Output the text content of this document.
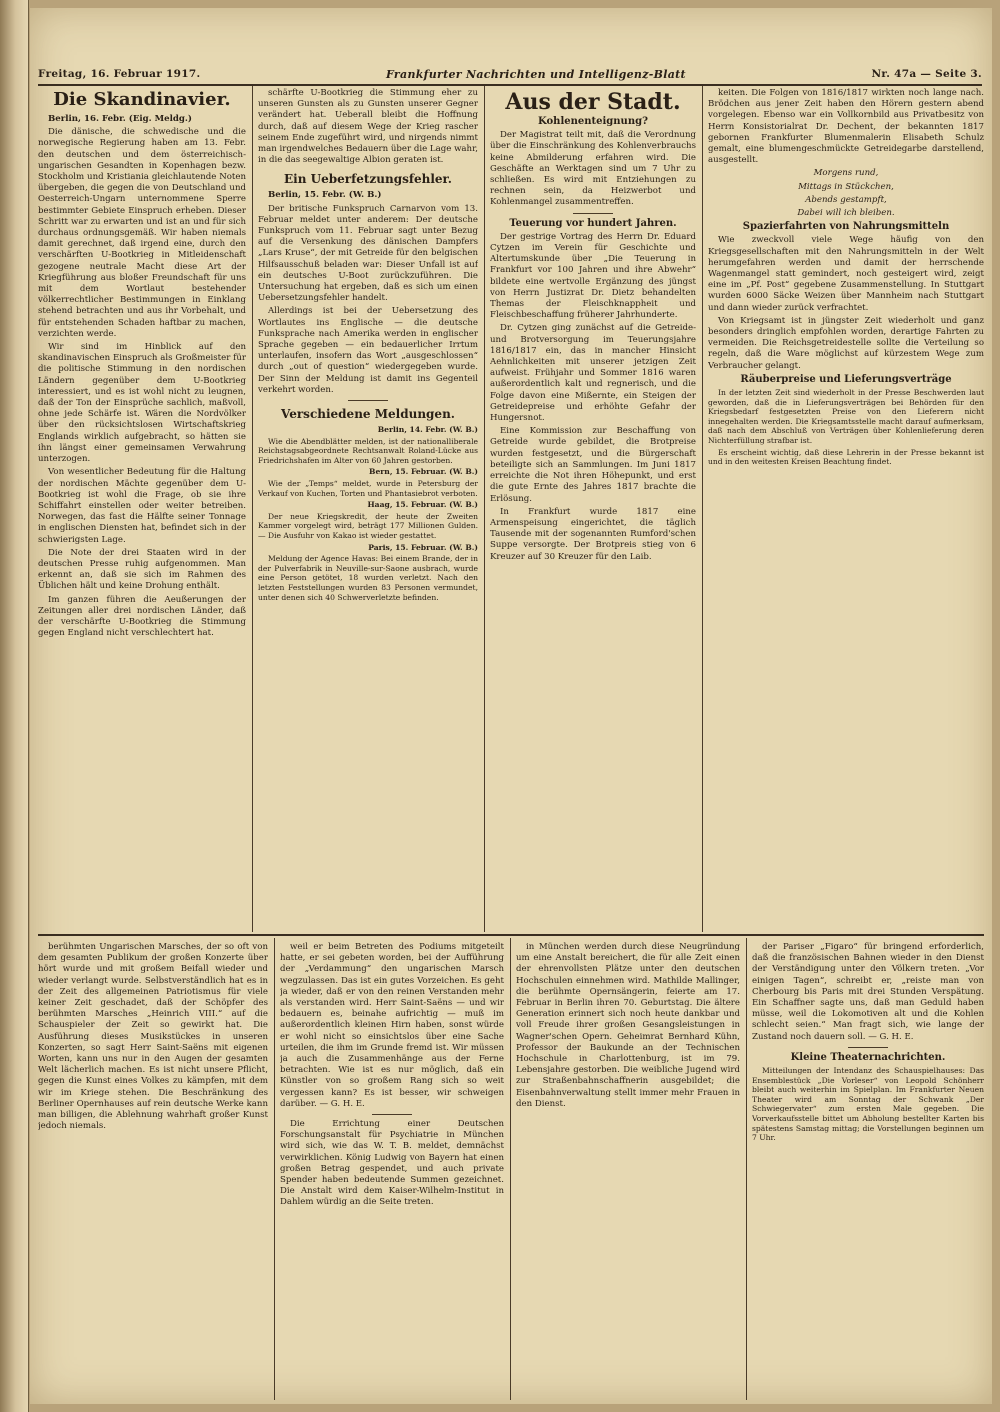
Freitag, 16. Februar 1917.	Frankfurter Nachrichten und Intelligenz-Blatt	Nr. 47a — Seite 3.
Die Skandinavier.

Berlin, 16. Febr. (Eig. Meldg.)

Die dänische, die schwedische und die norwegische Regierung haben am 13. Febr. den deutschen und dem österreichisch-ungarischen Gesandten in Kopenhagen bezw. Stockholm und Kristiania gleichlautende Noten übergeben, die gegen die von Deutschland und Oesterreich-Ungarn unternommene Sperre bestimmter Gebiete Einspruch erheben. Dieser Schritt war zu erwarten und ist an und für sich durchaus ordnungsgemäß. Wir haben niemals damit gerechnet, daß irgend eine, durch den verschärften U-Bootkrieg in Mitleidenschaft gezogene neutrale Macht diese Art der Kriegführung aus bloßer Freundschaft für uns mit dem Wortlaut bestehender völkerrechtlicher Bestimmungen in Einklang stehend betrachten und aus ihr Vorbehalt, und für entstehenden Schaden haftbar zu machen, verzichten werde.

Wir sind im Hinblick auf den skandinavischen Einspruch als Großmeister für die politische Stimmung in den nordischen Ländern gegenüber dem U-Bootkrieg interessiert, und es ist wohl nicht zu leugnen, daß der Ton der Einsprüche sachlich, maßvoll, ohne jede Schärfe ist. Wären die Nordvölker über den rücksichtslosen Wirtschaftskrieg Englands wirklich aufgebracht, so hätten sie ihn längst einer gemeinsamen Verwahrung unterzogen.

Von wesentlicher Bedeutung für die Haltung der nordischen Mächte gegenüber dem U-Bootkrieg ist wohl die Frage, ob sie ihre Schiffahrt einstellen oder weiter betreiben. Norwegen, das fast die Hälfte seiner Tonnage in englischen Diensten hat, befindet sich in der schwierigsten Lage.

Die Note der drei Staaten wird in der deutschen Presse ruhig aufgenommen. Man erkennt an, daß sie sich im Rahmen des Üblichen hält und keine Drohung enthält.

Im ganzen führen die Aeußerungen der Zeitungen aller drei nordischen Länder, daß der verschärfte U-Bootkrieg die Stimmung gegen England nicht verschlechtert hat.

schärfte U-Bootkrieg die Stimmung eher zu unseren Gunsten als zu Gunsten unserer Gegner verändert hat. Ueberall bleibt die Hoffnung durch, daß auf diesem Wege der Krieg rascher seinem Ende zugeführt wird, und nirgends nimmt man irgendwelches Bedauern über die Lage wahr, in die das seegewaltige Albion geraten ist.

Ein Ueberfetzungsfehler.

Berlin, 15. Febr. (W. B.)

Der britische Funkspruch Carnarvon vom 13. Februar meldet unter anderem: Der deutsche Funkspruch vom 11. Februar sagt unter Bezug auf die Versenkung des dänischen Dampfers „Lars Kruse“, der mit Getreide für den belgischen Hilfsausschuß beladen war: Dieser Unfall ist auf ein deutsches U-Boot zurückzuführen. Die Untersuchung hat ergeben, daß es sich um einen Uebersetzungsfehler handelt.

Allerdings ist bei der Uebersetzung des Wortlautes ins Englische — die deutsche Funksprache nach Amerika werden in englischer Sprache gegeben — ein bedauerlicher Irrtum unterlaufen, insofern das Wort „ausgeschlossen“ durch „out of question“ wiedergegeben wurde. Der Sinn der Meldung ist damit ins Gegenteil verkehrt worden.

Verschiedene Meldungen.

Berlin, 14. Febr. (W. B.)

Wie die Abendblätter melden, ist der nationalliberale Reichstagsabgeordnete Rechtsanwalt Roland-Lücke aus Friedrichshafen im Alter von 60 Jahren gestorben.

Bern, 15. Februar. (W. B.)

Wie der „Temps“ meldet, wurde in Petersburg der Verkauf von Kuchen, Torten und Phantasiebrot verboten.

Haag, 15. Februar. (W. B.)

Der neue Kriegskredit, der heute der Zweiten Kammer vorgelegt wird, beträgt 177 Millionen Gulden. — Die Ausfuhr von Kakao ist wieder gestattet.

Paris, 15. Februar. (W. B.)

Meldung der Agence Havas: Bei einem Brande, der in der Pulverfabrik in Neuville-sur-Saone ausbrach, wurde eine Person getötet, 18 wurden verletzt. Nach den letzten Feststellungen wurden 83 Personen vermundet, unter denen sich 40 Schwerverletzte befinden.

Aus der Stadt.
Kohlenenteignung?

Der Magistrat teilt mit, daß die Verordnung über die Einschränkung des Kohlenverbrauchs keine Abmilderung erfahren wird. Die Geschäfte an Werktagen sind um 7 Uhr zu schließen. Es wird mit Entziehungen zu rechnen sein, da Heizwerbot und Kohlenmangel zusammentreffen.

Teuerung vor hundert Jahren.

Der gestrige Vortrag des Herrn Dr. Eduard Cytzen im Verein für Geschichte und Altertumskunde über „Die Teuerung in Frankfurt vor 100 Jahren und ihre Abwehr“ bildete eine wertvolle Ergänzung des jüngst von Herrn Justizrat Dr. Dietz behandelten Themas der Fleischknappheit und Fleischbeschaffung früherer Jahrhunderte.

Dr. Cytzen ging zunächst auf die Getreide- und Brotversorgung im Teuerungsjahre 1816/1817 ein, das in mancher Hinsicht Aehnlichkeiten mit unserer jetzigen Zeit aufweist. Frühjahr und Sommer 1816 waren außerordentlich kalt und regnerisch, und die Folge davon eine Mißernte, ein Steigen der Getreidepreise und erhöhte Gefahr der Hungersnot.

Eine Kommission zur Beschaffung von Getreide wurde gebildet, die Brotpreise wurden festgesetzt, und die Bürgerschaft beteiligte sich an Sammlungen. Im Juni 1817 erreichte die Not ihren Höhepunkt, und erst die gute Ernte des Jahres 1817 brachte die Erlösung.

In Frankfurt wurde 1817 eine Armenspeisung eingerichtet, die täglich Tausende mit der sogenannten Rumford'schen Suppe versorgte. Der Brotpreis stieg von 6 Kreuzer auf 30 Kreuzer für den Laib.

keiten. Die Folgen von 1816/1817 wirkten noch lange nach. Brödchen aus jener Zeit haben den Hörern gestern abend vorgelegen. Ebenso war ein Vollkornbild aus Privatbesitz von Herrn Konsistorialrat Dr. Dechent, der bekannten 1817 gebornen Frankfurter Blumenmalerin Elisabeth Schulz gemalt, eine blumengeschmückte Getreidegarbe darstellend, ausgestellt.

Morgens rund,
Mittags in Stückchen,
Abends gestampft,
Dabei will ich bleiben.
Spazierfahrten von Nahrungsmitteln

Wie zweckvoll viele Wege häufig von den Kriegsgesellschaften mit den Nahrungsmitteln in der Welt herumgefahren werden und damit der herrschende Wagenmangel statt gemindert, noch gesteigert wird, zeigt eine im „Pf. Post“ gegebene Zusammenstellung. In Stuttgart wurden 6000 Säcke Weizen über Mannheim nach Stuttgart und dann wieder zurück verfrachtet.

Von Kriegsamt ist in jüngster Zeit wiederholt und ganz besonders dringlich empfohlen worden, derartige Fahrten zu vermeiden. Die Reichsgetreidestelle sollte die Verteilung so regeln, daß die Ware möglichst auf kürzestem Wege zum Verbraucher gelangt.

Räuberpreise und Lieferungsverträge

In der letzten Zeit sind wiederholt in der Presse Beschwerden laut geworden, daß die in Lieferungsverträgen bei Behörden für den Kriegsbedarf festgesetzten Preise von den Lieferern nicht innegehalten werden. Die Kriegsamtsstelle macht darauf aufmerksam, daß nach dem Abschluß von Verträgen über Kohlenlieferung deren Nichterfüllung strafbar ist.

Es erscheint wichtig, daß diese Lehrerin in der Presse bekannt ist und in den weitesten Kreisen Beachtung findet.

berühmten Ungarischen Marsches, der so oft von dem gesamten Publikum der großen Konzerte über hört wurde und mit großem Beifall wieder und wieder verlangt wurde. Selbstverständlich hat es in der Zeit des allgemeinen Patriotismus für viele keiner Zeit geschadet, daß der Schöpfer des berühmten Marsches „Heinrich VIII.“ auf die Schauspieler der Zeit so gewirkt hat. Die Ausführung dieses Musikstückes in unseren Konzerten, so sagt Herr Saint-Saëns mit eigenen Worten, kann uns nur in den Augen der gesamten Welt lächerlich machen. Es ist nicht unsere Pflicht, gegen die Kunst eines Volkes zu kämpfen, mit dem wir im Kriege stehen. Die Beschränkung des Berliner Opernhauses auf rein deutsche Werke kann man billigen, die Ablehnung wahrhaft großer Kunst jedoch niemals.

weil er beim Betreten des Podiums mitgeteilt hatte, er sei gebeten worden, bei der Aufführung der „Verdammung“ den ungarischen Marsch wegzulassen. Das ist ein gutes Vorzeichen. Es geht ja wieder, daß er von den reinen Verstanden mehr als verstanden wird. Herr Saint-Saëns — und wir bedauern es, beinahe aufrichtig — muß im außerordentlich kleinen Hirn haben, sonst würde er wohl nicht so einsichtslos über eine Sache urteilen, die ihm im Grunde fremd ist. Wir müssen ja auch die Zusammenhänge aus der Ferne betrachten. Wie ist es nur möglich, daß ein Künstler von so großem Rang sich so weit vergessen kann? Es ist besser, wir schweigen darüber. — G. H. E.

Die Errichtung einer Deutschen Forschungsanstalt für Psychiatrie in München wird sich, wie das W. T. B. meldet, demnächst verwirklichen. König Ludwig von Bayern hat einen großen Betrag gespendet, und auch private Spender haben bedeutende Summen gezeichnet. Die Anstalt wird dem Kaiser-Wilhelm-Institut in Dahlem würdig an die Seite treten.

in München werden durch diese Neugründung um eine Anstalt bereichert, die für alle Zeit einen der ehrenvollsten Plätze unter den deutschen Hochschulen einnehmen wird. Mathilde Mallinger, die berühmte Opernsängerin, feierte am 17. Februar in Berlin ihren 70. Geburtstag. Die ältere Generation erinnert sich noch heute dankbar und voll Freude ihrer großen Gesangsleistungen in Wagner'schen Opern. Geheimrat Bernhard Kühn, Professor der Baukunde an der Technischen Hochschule in Charlottenburg, ist im 79. Lebensjahre gestorben. Die weibliche Jugend wird zur Straßenbahnschaffnerin ausgebildet; die Eisenbahnverwaltung stellt immer mehr Frauen in den Dienst.

der Pariser „Figaro“ für bringend erforderlich, daß die französischen Bahnen wieder in den Dienst der Verständigung unter den Völkern treten. „Vor einigen Tagen“, schreibt er, „reiste man von Cherbourg bis Paris mit drei Stunden Verspätung. Ein Schaffner sagte uns, daß man Geduld haben müsse, weil die Lokomotiven alt und die Kohlen schlecht seien.“ Man fragt sich, wie lange der Zustand noch dauern soll. — G. H. E.

Kleine Theaternachrichten.

Mitteilungen der Intendanz des Schauspielhauses: Das Ensemblestück „Die Vorleser“ von Leopold Schönherr bleibt auch weiterhin im Spielplan. Im Frankfurter Neuen Theater wird am Sonntag der Schwank „Der Schwiegervater“ zum ersten Male gegeben. Die Vorverkaufsstelle bittet um Abholung bestellter Karten bis spätestens Samstag mittag; die Vorstellungen beginnen um 7 Uhr.
